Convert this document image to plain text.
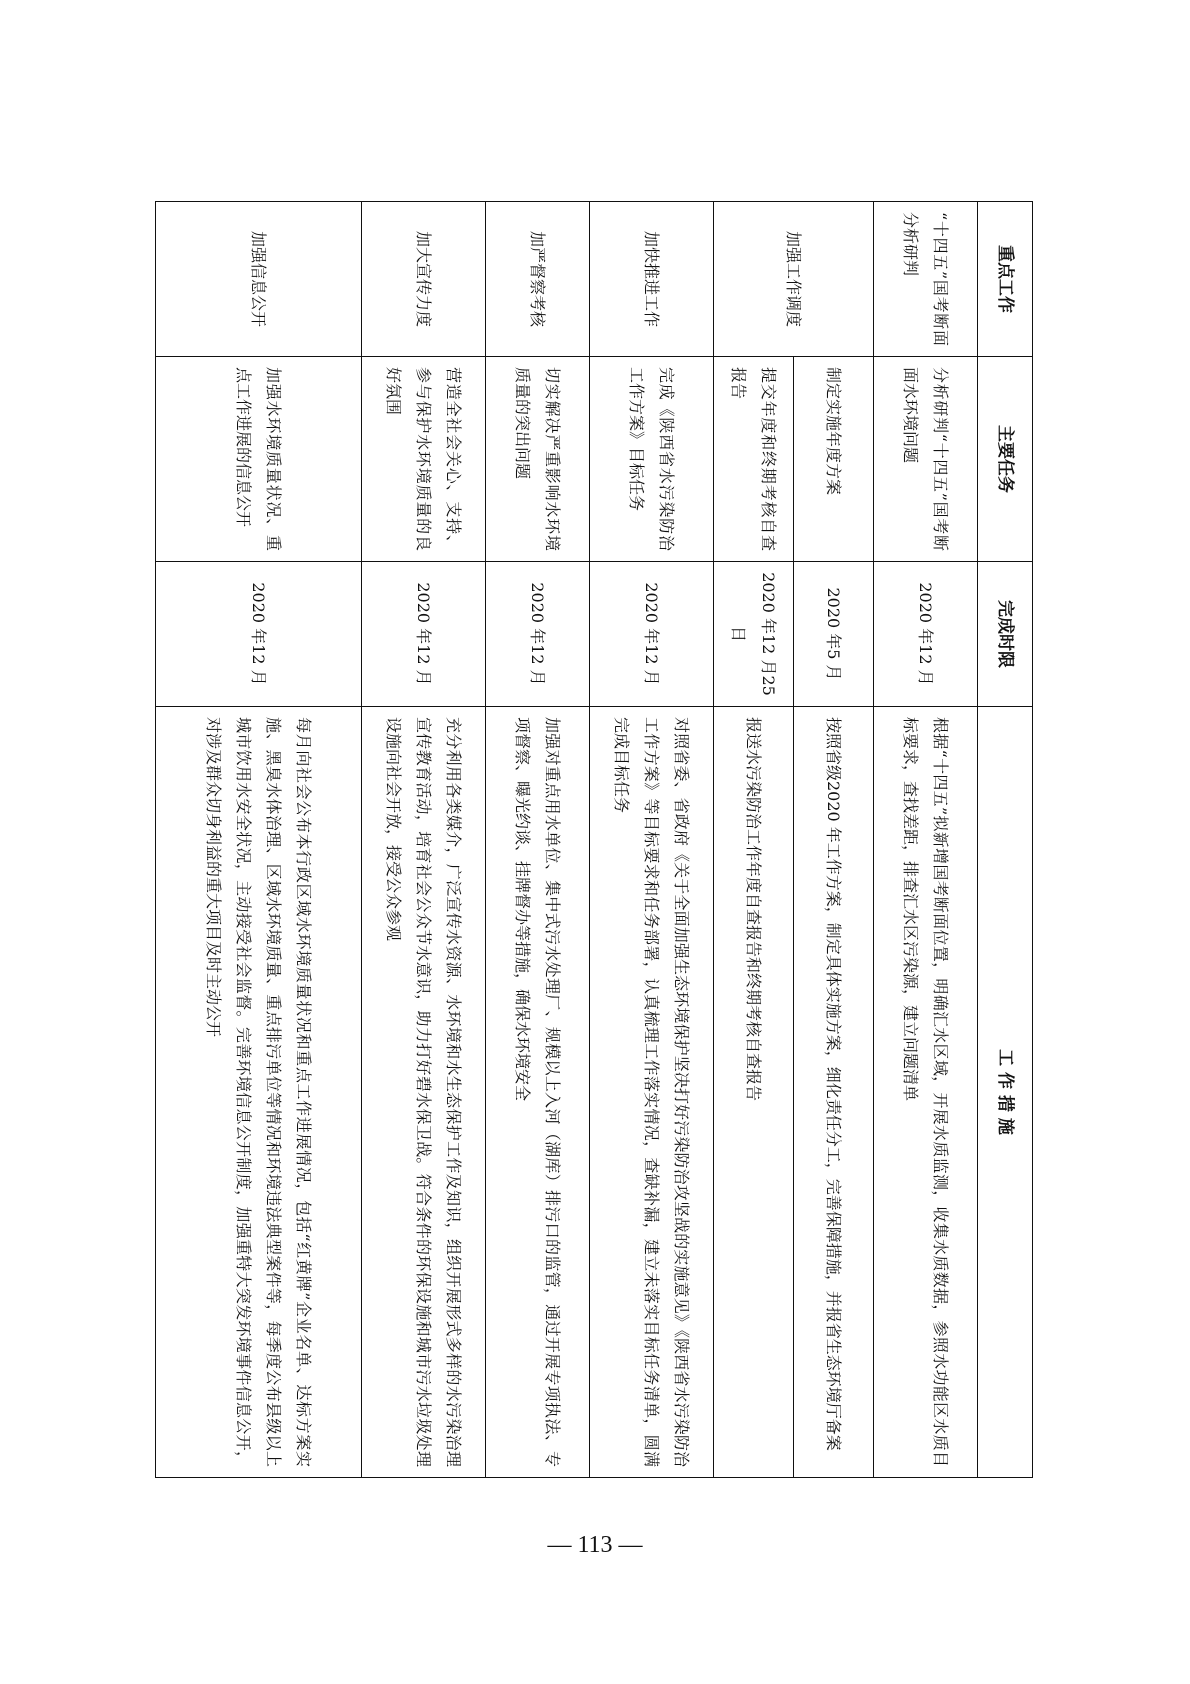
重点工作	主要任务	完成时限	工 作 措 施
“十四五”国考断面分析研判	分析研判“十四五”国考断面水环境问题	2020 年12 月	根据“十四五”拟新增国考断面位置，明确汇水区域，开展水质监测，收集水质数据，参照水功能区水质目标要求，查找差距，排查汇水区污染源，建立问题清单
加强工作调度	制定实施年度方案	2020 年5 月	按照省级2020 年工作方案，制定具体实施方案，细化责任分工，完善保障措施，并报省生态环境厅备案
	提交年度和终期考核自查报告	2020 年12 月25 日	报送水污染防治工作年度自查报告和终期考核自查报告
加快推进工作	完成《陕西省水污染防治工作方案》目标任务	2020 年12 月	对照省委、省政府《关于全面加强生态环境保护坚决打好污染防治攻坚战的实施意见》《陕西省水污染防治工作方案》等目标要求和任务部署，认真梳理工作落实情况，查缺补漏，建立未落实目标任务清单，圆满完成目标任务
加严督察考核	切实解决严重影响水环境质量的突出问题	2020 年12 月	加强对重点用水单位、集中式污水处理厂、规模以上入河（湖库）排污口的监管，通过开展专项执法、专项督察、曝光约谈、挂牌督办等措施，确保水环境安全
加大宣传力度	营造全社会关心、支持、参与保护水环境质量的良好氛围	2020 年12 月	充分利用各类媒介，广泛宣传水资源、水环境和水生态保护工作及知识，组织开展形式多样的水污染治理宣传教育活动，培育社会公众节水意识，助力打好碧水保卫战。符合条件的环保设施和城市污水垃圾处理设施向社会开放，接受公众参观
加强信息公开	加强水环境质量状况、重点工作进展的信息公开	2020 年12 月	每月向社会公布本行政区域水环境质量状况和重点工作进展情况，包括“红黄牌”企业名单、达标方案实施、黑臭水体治理、区域水环境质量、重点排污单位等情况和环境违法典型案件等，每季度公布县级以上城市饮用水安全状况，主动接受社会监督。完善环境信息公开制度，加强重特大突发环境事件信息公开，对涉及群众切身利益的重大项目及时主动公开
— 113 —
